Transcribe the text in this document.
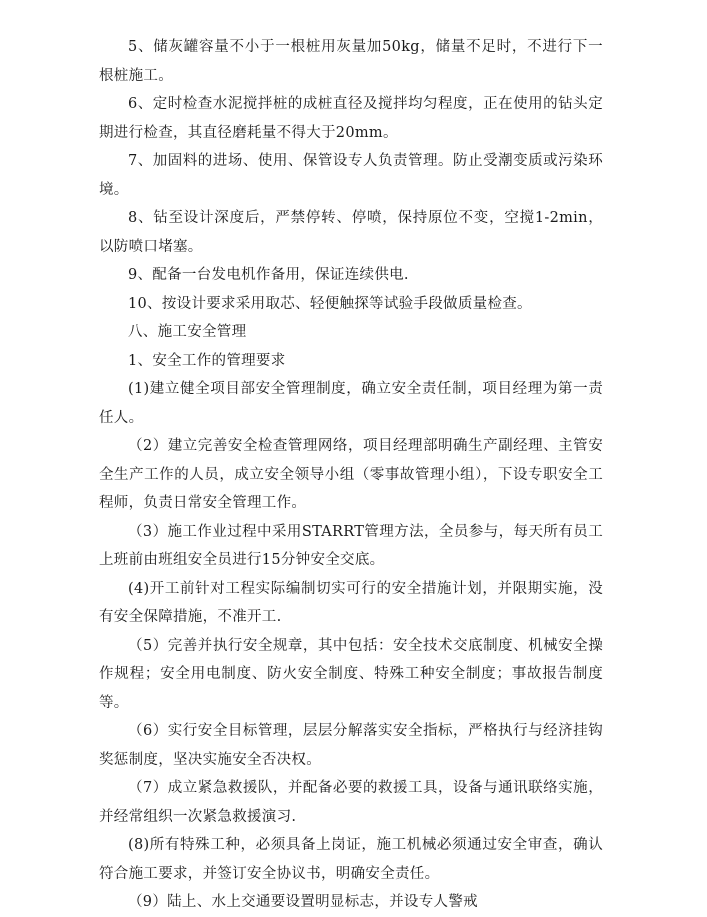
5、储灰罐容量不小于一根桩用灰量加50kg，储量不足时，不进行下一根桩施工。

6、定时检查水泥搅拌桩的成桩直径及搅拌均匀程度，正在使用的钻头定期进行检查，其直径磨耗量不得大于20mm。

7、加固料的进场、使用、保管设专人负责管理。防止受潮变质或污染环境。

8、钻至设计深度后，严禁停转、停喷，保持原位不变，空搅1-2min，以防喷口堵塞。

9、配备一台发电机作备用，保证连续供电.

10、按设计要求采用取芯、轻便触探等试验手段做质量检查。

八、施工安全管理

1、安全工作的管理要求

(1)建立健全项目部安全管理制度，确立安全责任制，项目经理为第一责任人。

（2）建立完善安全检查管理网络，项目经理部明确生产副经理、主管安全生产工作的人员，成立安全领导小组（零事故管理小组），下设专职安全工程师，负责日常安全管理工作。

（3）施工作业过程中采用STARRT管理方法，全员参与，每天所有员工上班前由班组安全员进行15分钟安全交底。

(4)开工前针对工程实际编制切实可行的安全措施计划，并限期实施，没有安全保障措施，不准开工.

（5）完善并执行安全规章，其中包括：安全技术交底制度、机械安全操作规程；安全用电制度、防火安全制度、特殊工种安全制度；事故报告制度等。

（6）实行安全目标管理，层层分解落实安全指标，严格执行与经济挂钩奖惩制度，坚决实施安全否决权。

（7）成立紧急救援队，并配备必要的救援工具，设备与通讯联络实施，并经常组织一次紧急救援演习.

(8)所有特殊工种，必须具备上岗证，施工机械必须通过安全审查，确认符合施工要求，并签订安全协议书，明确安全责任。

（9）陆上、水上交通要设置明显标志，并设专人警戒
